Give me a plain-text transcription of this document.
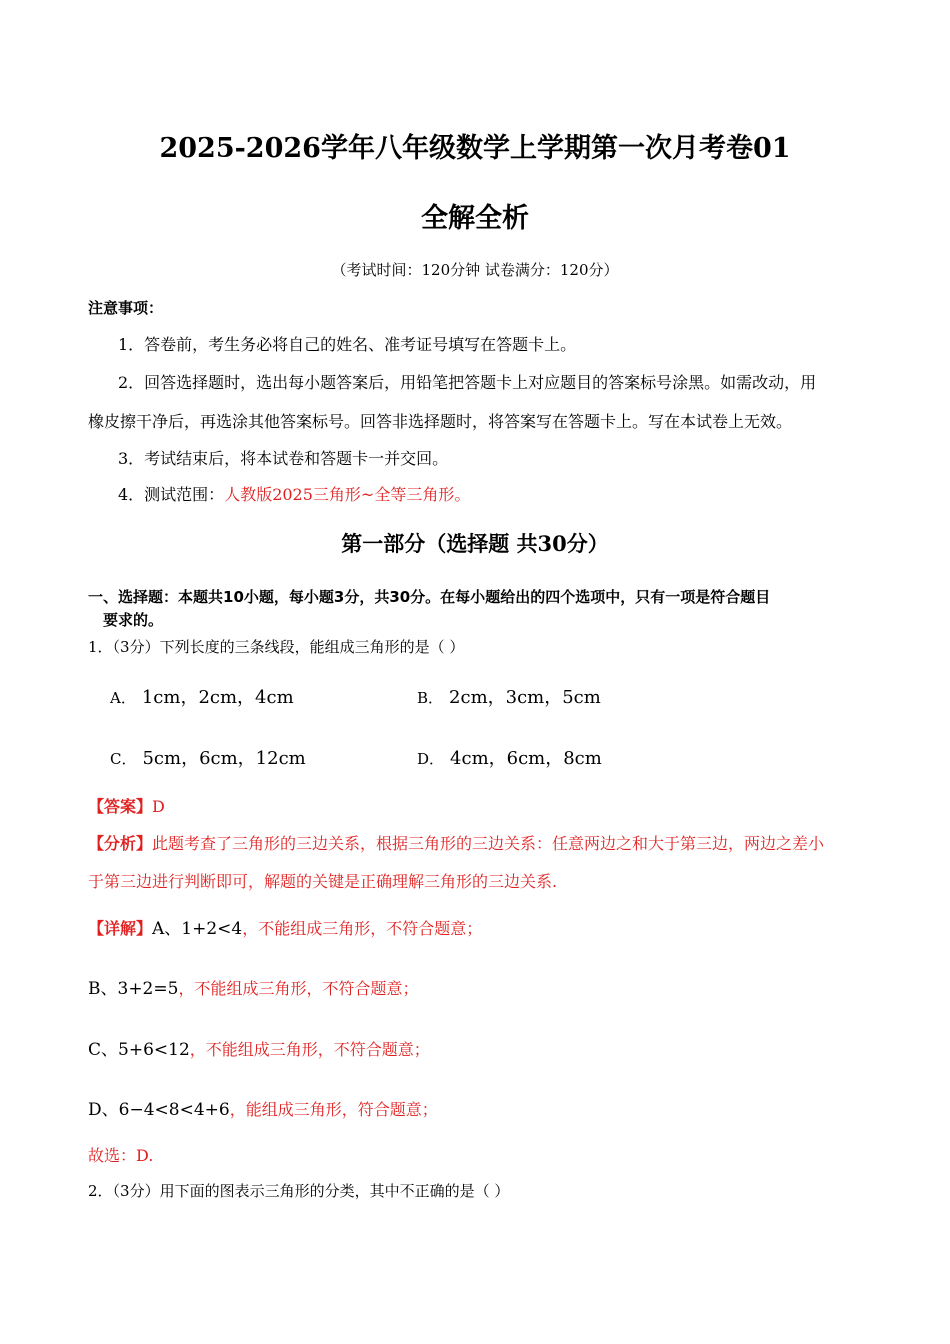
2025-2026学年八年级数学上学期第一次月考卷01
全解全析
（考试时间：120分钟 试卷满分：120分）
注意事项：
1．答卷前，考生务必将自己的姓名、准考证号填写在答题卡上。
2．回答选择题时，选出每小题答案后，用铅笔把答题卡上对应题目的答案标号涂黑。如需改动，用
橡皮擦干净后，再选涂其他答案标号。回答非选择题时，将答案写在答题卡上。写在本试卷上无效。
3．考试结束后，将本试卷和答题卡一并交回。
4．测试范围：人教版2025三角形~全等三角形。
第一部分（选择题 共30分）
一、选择题：本题共10小题，每小题3分，共30分。在每小题给出的四个选项中，只有一项是符合题目
要求的。
1．（3分）下列长度的三条线段，能组成三角形的是（ ）
A． 1cm，2cm，4cm	B． 2cm，3cm，5cm
C． 5cm，6cm，12cm	D． 4cm，6cm，8cm
【答案】D
【分析】此题考查了三角形的三边关系，根据三角形的三边关系：任意两边之和大于第三边，两边之差小
于第三边进行判断即可，解题的关键是正确理解三角形的三边关系.
【详解】A、1+2<4，不能组成三角形，不符合题意；
B、3+2=5，不能组成三角形，不符合题意；
C、5+6<12，不能组成三角形，不符合题意；
D、6−4<8<4+6，能组成三角形，符合题意；
故选：D.
2．（3分）用下面的图表示三角形的分类，其中不正确的是（ ）
